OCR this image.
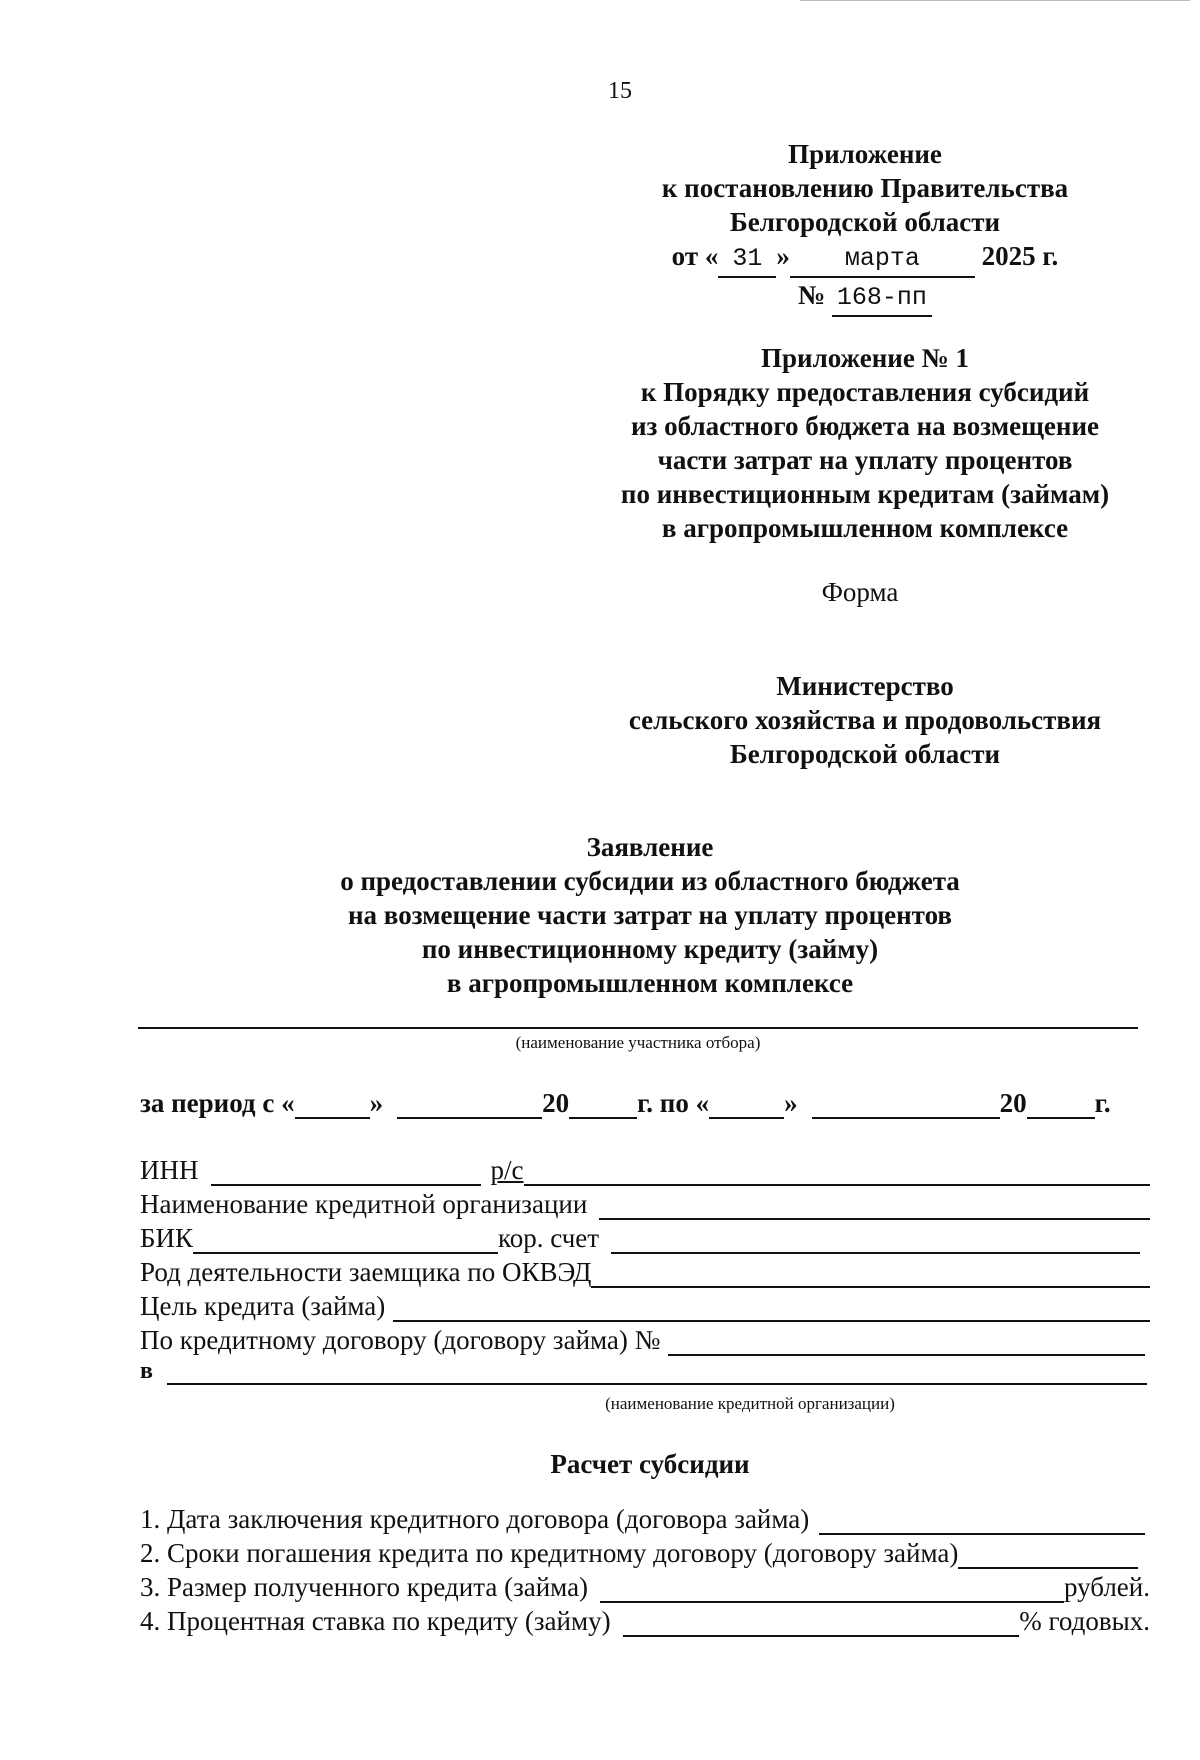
15
Приложение
к постановлению Правительства
Белгородской области
от « 31 » марта 2025 г.
№ 168-пп
Приложение № 1
к Порядку предоставления субсидий
из областного бюджета на возмещение
части затрат на уплату процентов
по инвестиционным кредитам (займам)
в агропромышленном комплексе
Форма
Министерство
сельского хозяйства и продовольствия
Белгородской области
Заявление
о предоставлении субсидии из областного бюджета
на возмещение части затрат на уплату процентов
по инвестиционному кредиту (займу)
в агропромышленном комплексе
(наименование участника отбора)
за период с «	»	20	г. по «	»	20	г.
ИНН	р/с
Наименование кредитной организации
БИК	кор. счет
Род деятельности заемщика по ОКВЭД
Цель кредита (займа)
По кредитному договору (договору займа) №
в
(наименование кредитной организации)
Расчет субсидии
1. Дата заключения кредитного договора (договора займа)
2. Сроки погашения кредита по кредитному договору (договору займа)
3. Размер полученного кредита (займа)	рублей.
4. Процентная ставка по кредиту (займу)	% годовых.
